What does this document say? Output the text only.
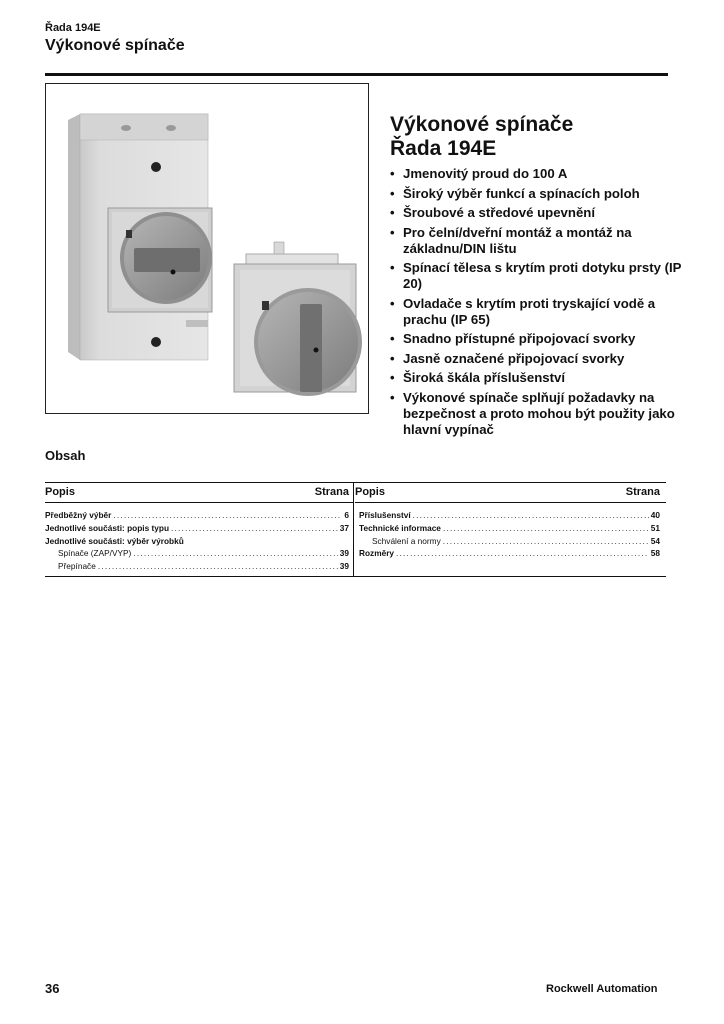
Řada 194E
Výkonové spínače
Výkonové spínače
Řada 194E
• Jmenovitý proud do 100 A
• Široký výběr funkcí a spínacích poloh
• Šroubové a středové upevnění
• Pro čelní/dveřní montáž a montáž na základnu/DIN lištu
• Spínací tělesa s krytím proti dotyku prsty (IP 20)
• Ovladače s krytím proti tryskající vodě a prachu (IP 65)
• Snadno přístupné připojovací svorky
• Jasně označené připojovací svorky
• Široká škála příslušenství
• Výkonové spínače splňují požadavky na bezpečnost a proto mohou být použity jako hlavní vypínač
Obsah
Popis	Strana
Předběžný výběr .....	6
Jednotlivé součásti: popis typu .....	37
Jednotlivé součásti: výběr výrobků
Spínače (ZAP/VYP) .....	39
Přepínače .....	39
Popis	Strana
Příslušenství .....	40
Technické informace .....	51
Schválení a normy .....	54
Rozměry .....	58
36	Rockwell Automation
